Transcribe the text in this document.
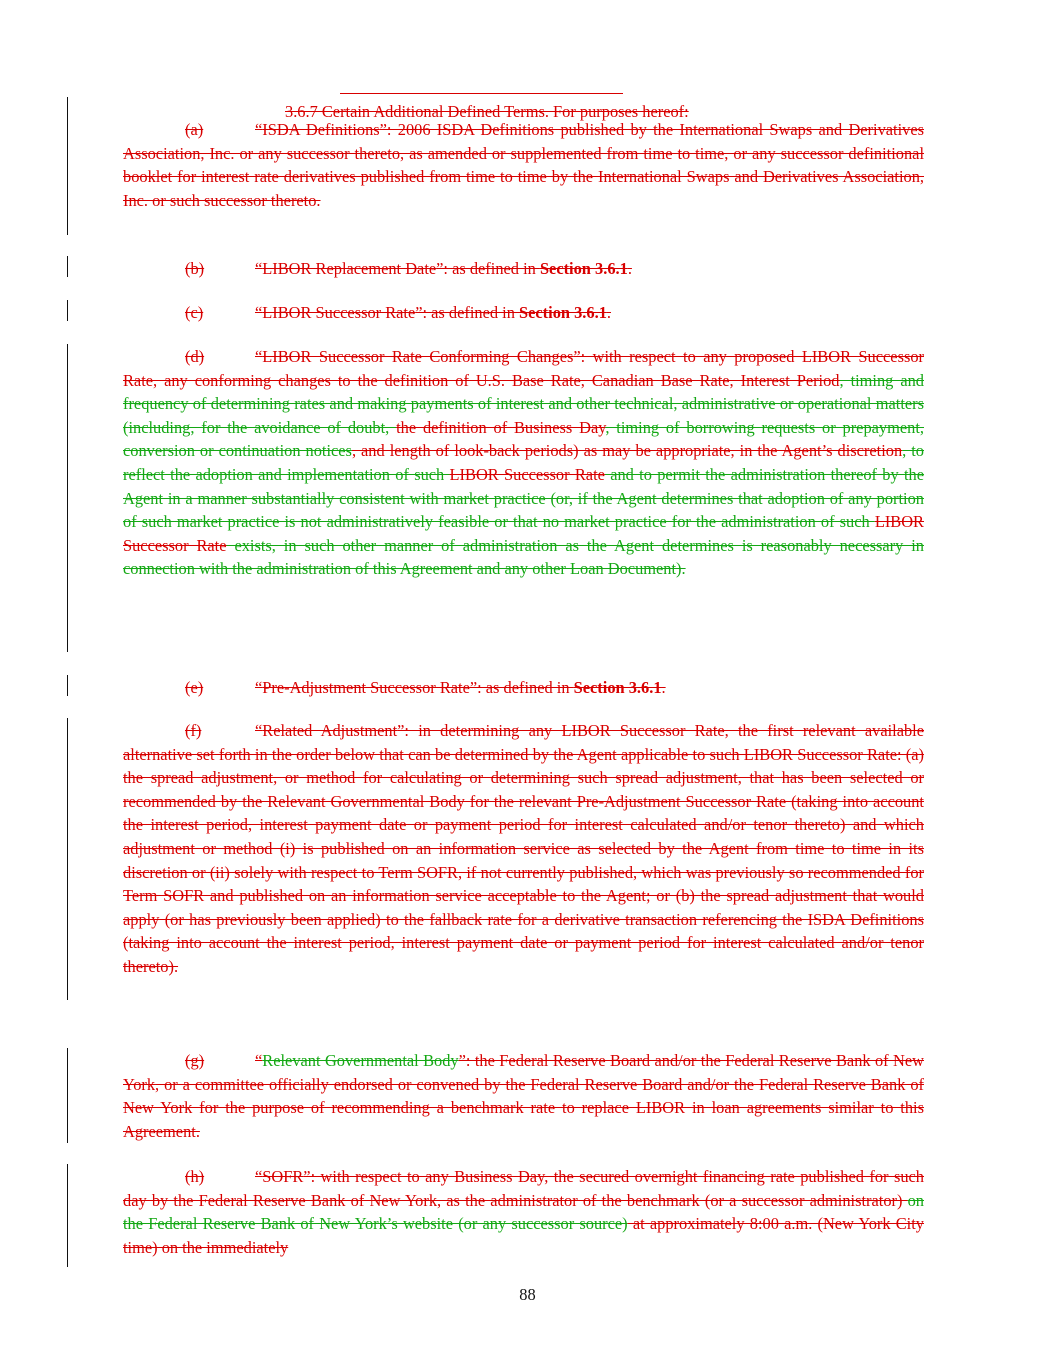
3.6.7 Certain Additional Defined Terms. For purposes hereof:
(a)	“ISDA Definitions”: 2006 ISDA Definitions published by the International Swaps and Derivatives Association, Inc. or any successor thereto, as amended or supplemented from time to time, or any successor definitional booklet for interest rate derivatives published from time to time by the International Swaps and Derivatives Association, Inc. or such successor thereto.
(b)	“LIBOR Replacement Date”: as defined in Section 3.6.1.
(c)	“LIBOR Successor Rate”: as defined in Section 3.6.1.
(d)	“LIBOR Successor Rate Conforming Changes”: with respect to any proposed LIBOR Successor Rate, any conforming changes to the definition of U.S. Base Rate, Canadian Base Rate, Interest Period, timing and frequency of determining rates and making payments of interest and other technical, administrative or operational matters (including, for the avoidance of doubt, the definition of Business Day, timing of borrowing requests or prepayment, conversion or continuation notices, and length of look-back periods) as may be appropriate, in the Agent’s discretion, to reflect the adoption and implementation of such LIBOR Successor Rate and to permit the administration thereof by the Agent in a manner substantially consistent with market practice (or, if the Agent determines that adoption of any portion of such market practice is not administratively feasible or that no market practice for the administration of such LIBOR Successor Rate exists, in such other manner of administration as the Agent determines is reasonably necessary in connection with the administration of this Agreement and any other Loan Document).
(e)	“Pre-Adjustment Successor Rate”: as defined in Section 3.6.1.
(f)	“Related Adjustment”: in determining any LIBOR Successor Rate, the first relevant available alternative set forth in the order below that can be determined by the Agent applicable to such LIBOR Successor Rate: (a) the spread adjustment, or method for calculating or determining such spread adjustment, that has been selected or recommended by the Relevant Governmental Body for the relevant Pre-Adjustment Successor Rate (taking into account the interest period, interest payment date or payment period for interest calculated and/or tenor thereto) and which adjustment or method (i) is published on an information service as selected by the Agent from time to time in its discretion or (ii) solely with respect to Term SOFR, if not currently published, which was previously so recommended for Term SOFR and published on an information service acceptable to the Agent; or (b) the spread adjustment that would apply (or has previously been applied) to the fallback rate for a derivative transaction referencing the ISDA Definitions (taking into account the interest period, interest payment date or payment period for interest calculated and/or tenor thereto).
(g)	“Relevant Governmental Body”: the Federal Reserve Board and/or the Federal Reserve Bank of New York, or a committee officially endorsed or convened by the Federal Reserve Board and/or the Federal Reserve Bank of New York for the purpose of recommending a benchmark rate to replace LIBOR in loan agreements similar to this Agreement.
(h)	“SOFR”: with respect to any Business Day, the secured overnight financing rate published for such day by the Federal Reserve Bank of New York, as the administrator of the benchmark (or a successor administrator) on the Federal Reserve Bank of New York’s website (or any successor source) at approximately 8:00 a.m. (New York City time) on the immediately
88
